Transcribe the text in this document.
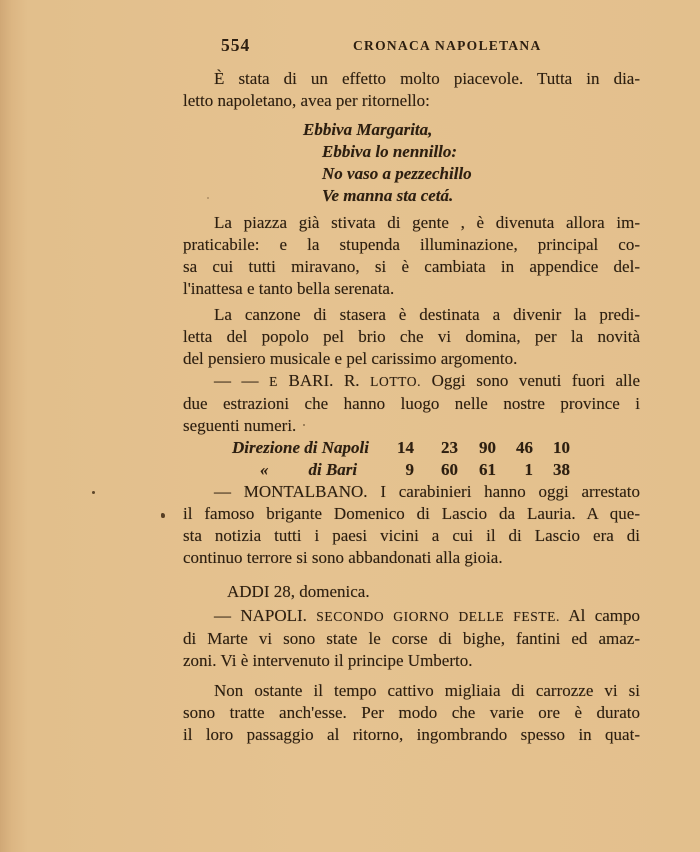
554	CRONACA NAPOLETANA
È stata di un effetto molto piacevole. Tutta in dia-
letto napoletano, avea per ritornello:
Ebbiva Margarita,
Ebbiva lo nennillo:
No vaso a pezzechillo
Ve manna sta cetá.
La piazza già stivata di gente , è divenuta allora im-
praticabile: e la stupenda illuminazione, principal co-
sa cui tutti miravano, si è cambiata in appendice del-
l'inattesa e tanto bella serenata.
La canzone di stasera è destinata a divenir la predi-
letta del popolo pel brio che vi domina, per la novità
del pensiero musicale e pel carissimo argomento.
— — E BARI. R. LOTTO. Oggi sono venuti fuori alle
due estrazioni che hanno luogo nelle nostre province i
seguenti numeri.
Direzione di Napoli	14	23	90	46	10
« di Bari	9	60	61	1	38
— MONTALBANO. I carabinieri hanno oggi arrestato
il famoso brigante Domenico di Lascio da Lauria. A que-
sta notizia tutti i paesi vicini a cui il di Lascio era di
continuo terrore si sono abbandonati alla gioia.
ADDI 28, domenica.
— NAPOLI. SECONDO GIORNO DELLE FESTE. Al campo
di Marte vi sono state le corse di bighe, fantini ed amaz-
zoni. Vi è intervenuto il principe Umberto.
Non ostante il tempo cattivo migliaia di carrozze vi si
sono tratte anch'esse. Per modo che varie ore è durato
il loro passaggio al ritorno, ingombrando spesso in quat-
